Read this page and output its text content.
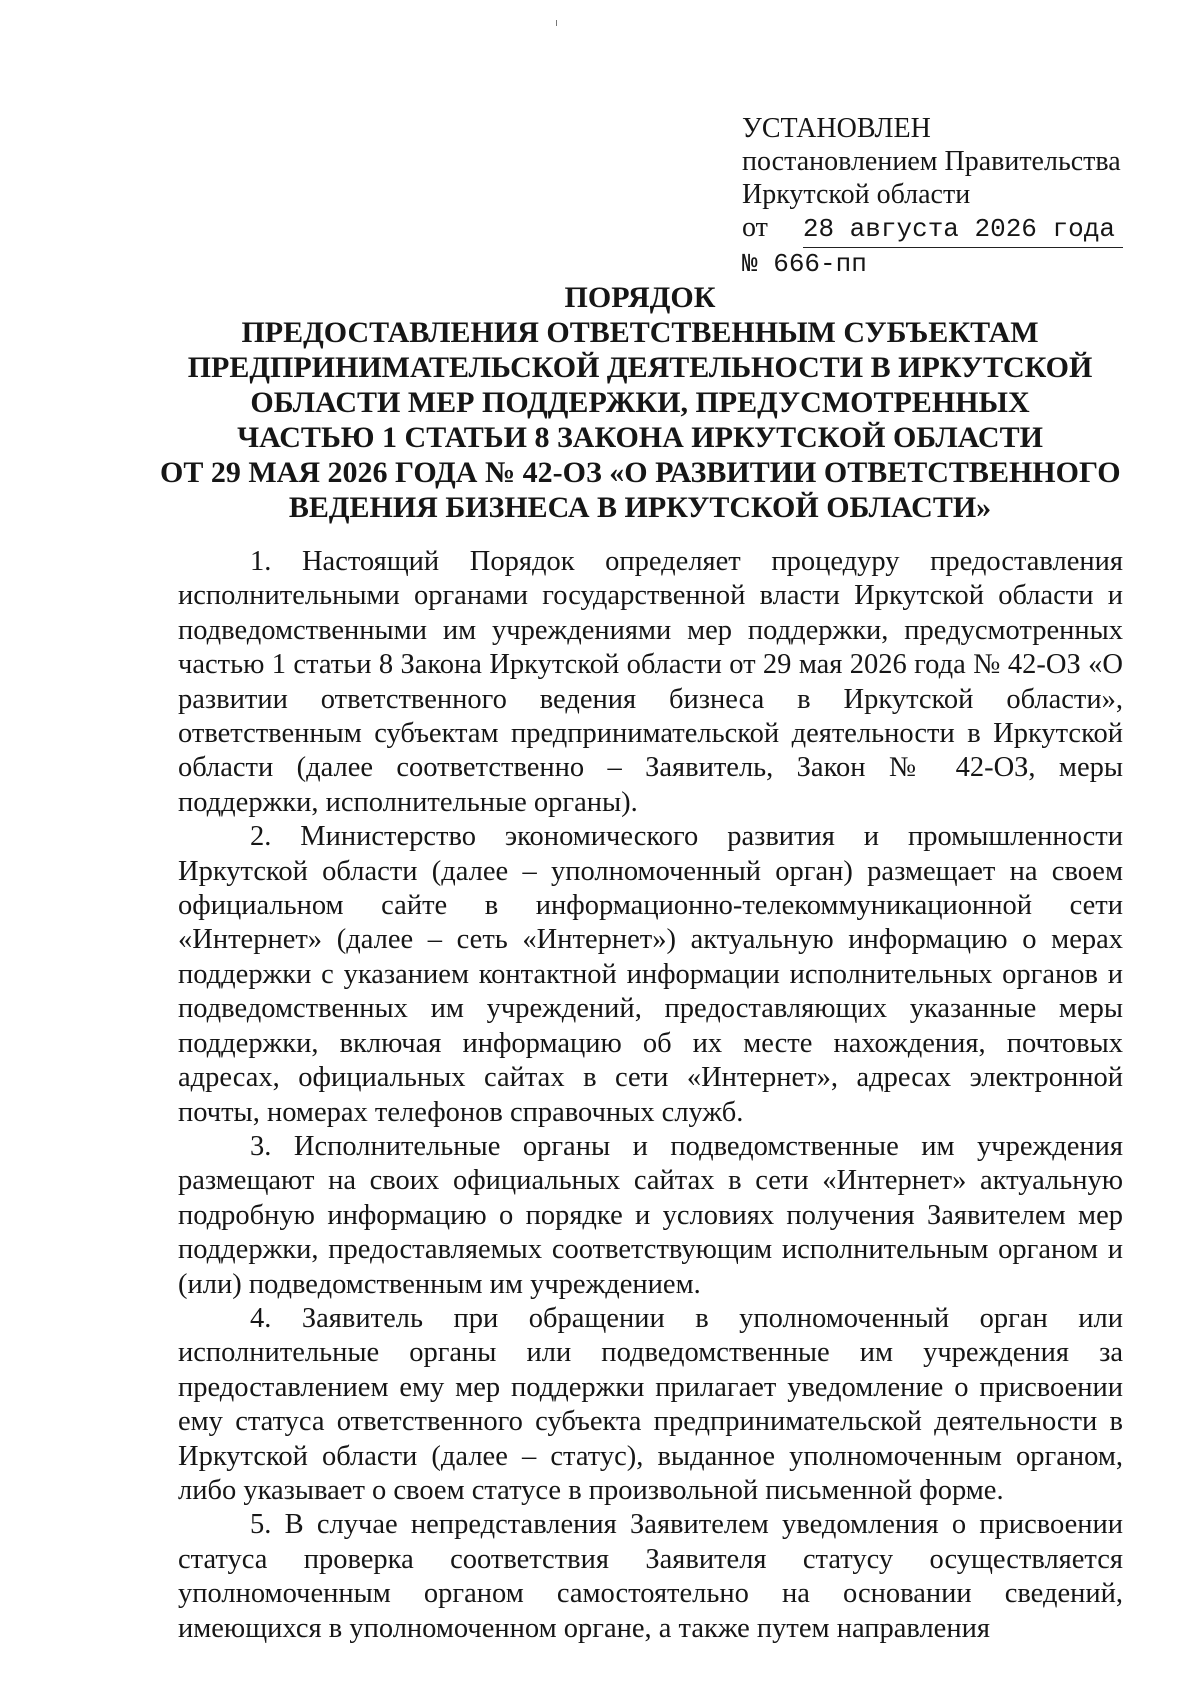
УСТАНОВЛЕН
постановлением Правительства
Иркутской области
от 28 августа 2026 года
№ 666-пп
ПОРЯДОК
ПРЕДОСТАВЛЕНИЯ ОТВЕТСТВЕННЫМ СУБЪЕКТАМ
ПРЕДПРИНИМАТЕЛЬСКОЙ ДЕЯТЕЛЬНОСТИ В ИРКУТСКОЙ
ОБЛАСТИ МЕР ПОДДЕРЖКИ, ПРЕДУСМОТРЕННЫХ
ЧАСТЬЮ 1 СТАТЬИ 8 ЗАКОНА ИРКУТСКОЙ ОБЛАСТИ
ОТ 29 МАЯ 2026 ГОДА № 42-ОЗ «О РАЗВИТИИ ОТВЕТСТВЕННОГО
ВЕДЕНИЯ БИЗНЕСА В ИРКУТСКОЙ ОБЛАСТИ»

1. Настоящий Порядок определяет процедуру предоставления исполнительными органами государственной власти Иркутской области и подведомственными им учреждениями мер поддержки, предусмотренных частью 1 статьи 8 Закона Иркутской области от 29 мая 2026 года № 42-ОЗ «О развитии ответственного ведения бизнеса в Иркутской области», ответственным субъектам предпринимательской деятельности в Иркутской области (далее соответственно – Заявитель, Закон № 42-ОЗ, меры поддержки, исполнительные органы).

2. Министерство экономического развития и промышленности Иркутской области (далее – уполномоченный орган) размещает на своем официальном сайте в информационно-телекоммуникационной сети «Интернет» (далее – сеть «Интернет») актуальную информацию о мерах поддержки с указанием контактной информации исполнительных органов и подведомственных им учреждений, предоставляющих указанные меры поддержки, включая информацию об их месте нахождения, почтовых адресах, официальных сайтах в сети «Интернет», адресах электронной почты, номерах телефонов справочных служб.

3. Исполнительные органы и подведомственные им учреждения размещают на своих официальных сайтах в сети «Интернет» актуальную подробную информацию о порядке и условиях получения Заявителем мер поддержки, предоставляемых соответствующим исполнительным органом и (или) подведомственным им учреждением.

4. Заявитель при обращении в уполномоченный орган или исполнительные органы или подведомственные им учреждения за предоставлением ему мер поддержки прилагает уведомление о присвоении ему статуса ответственного субъекта предпринимательской деятельности в Иркутской области (далее – статус), выданное уполномоченным органом, либо указывает о своем статусе в произвольной письменной форме.

5. В случае непредставления Заявителем уведомления о присвоении статуса проверка соответствия Заявителя статусу осуществляется уполномоченным органом самостоятельно на основании сведений, имеющихся в уполномоченном органе, а также путем направления
